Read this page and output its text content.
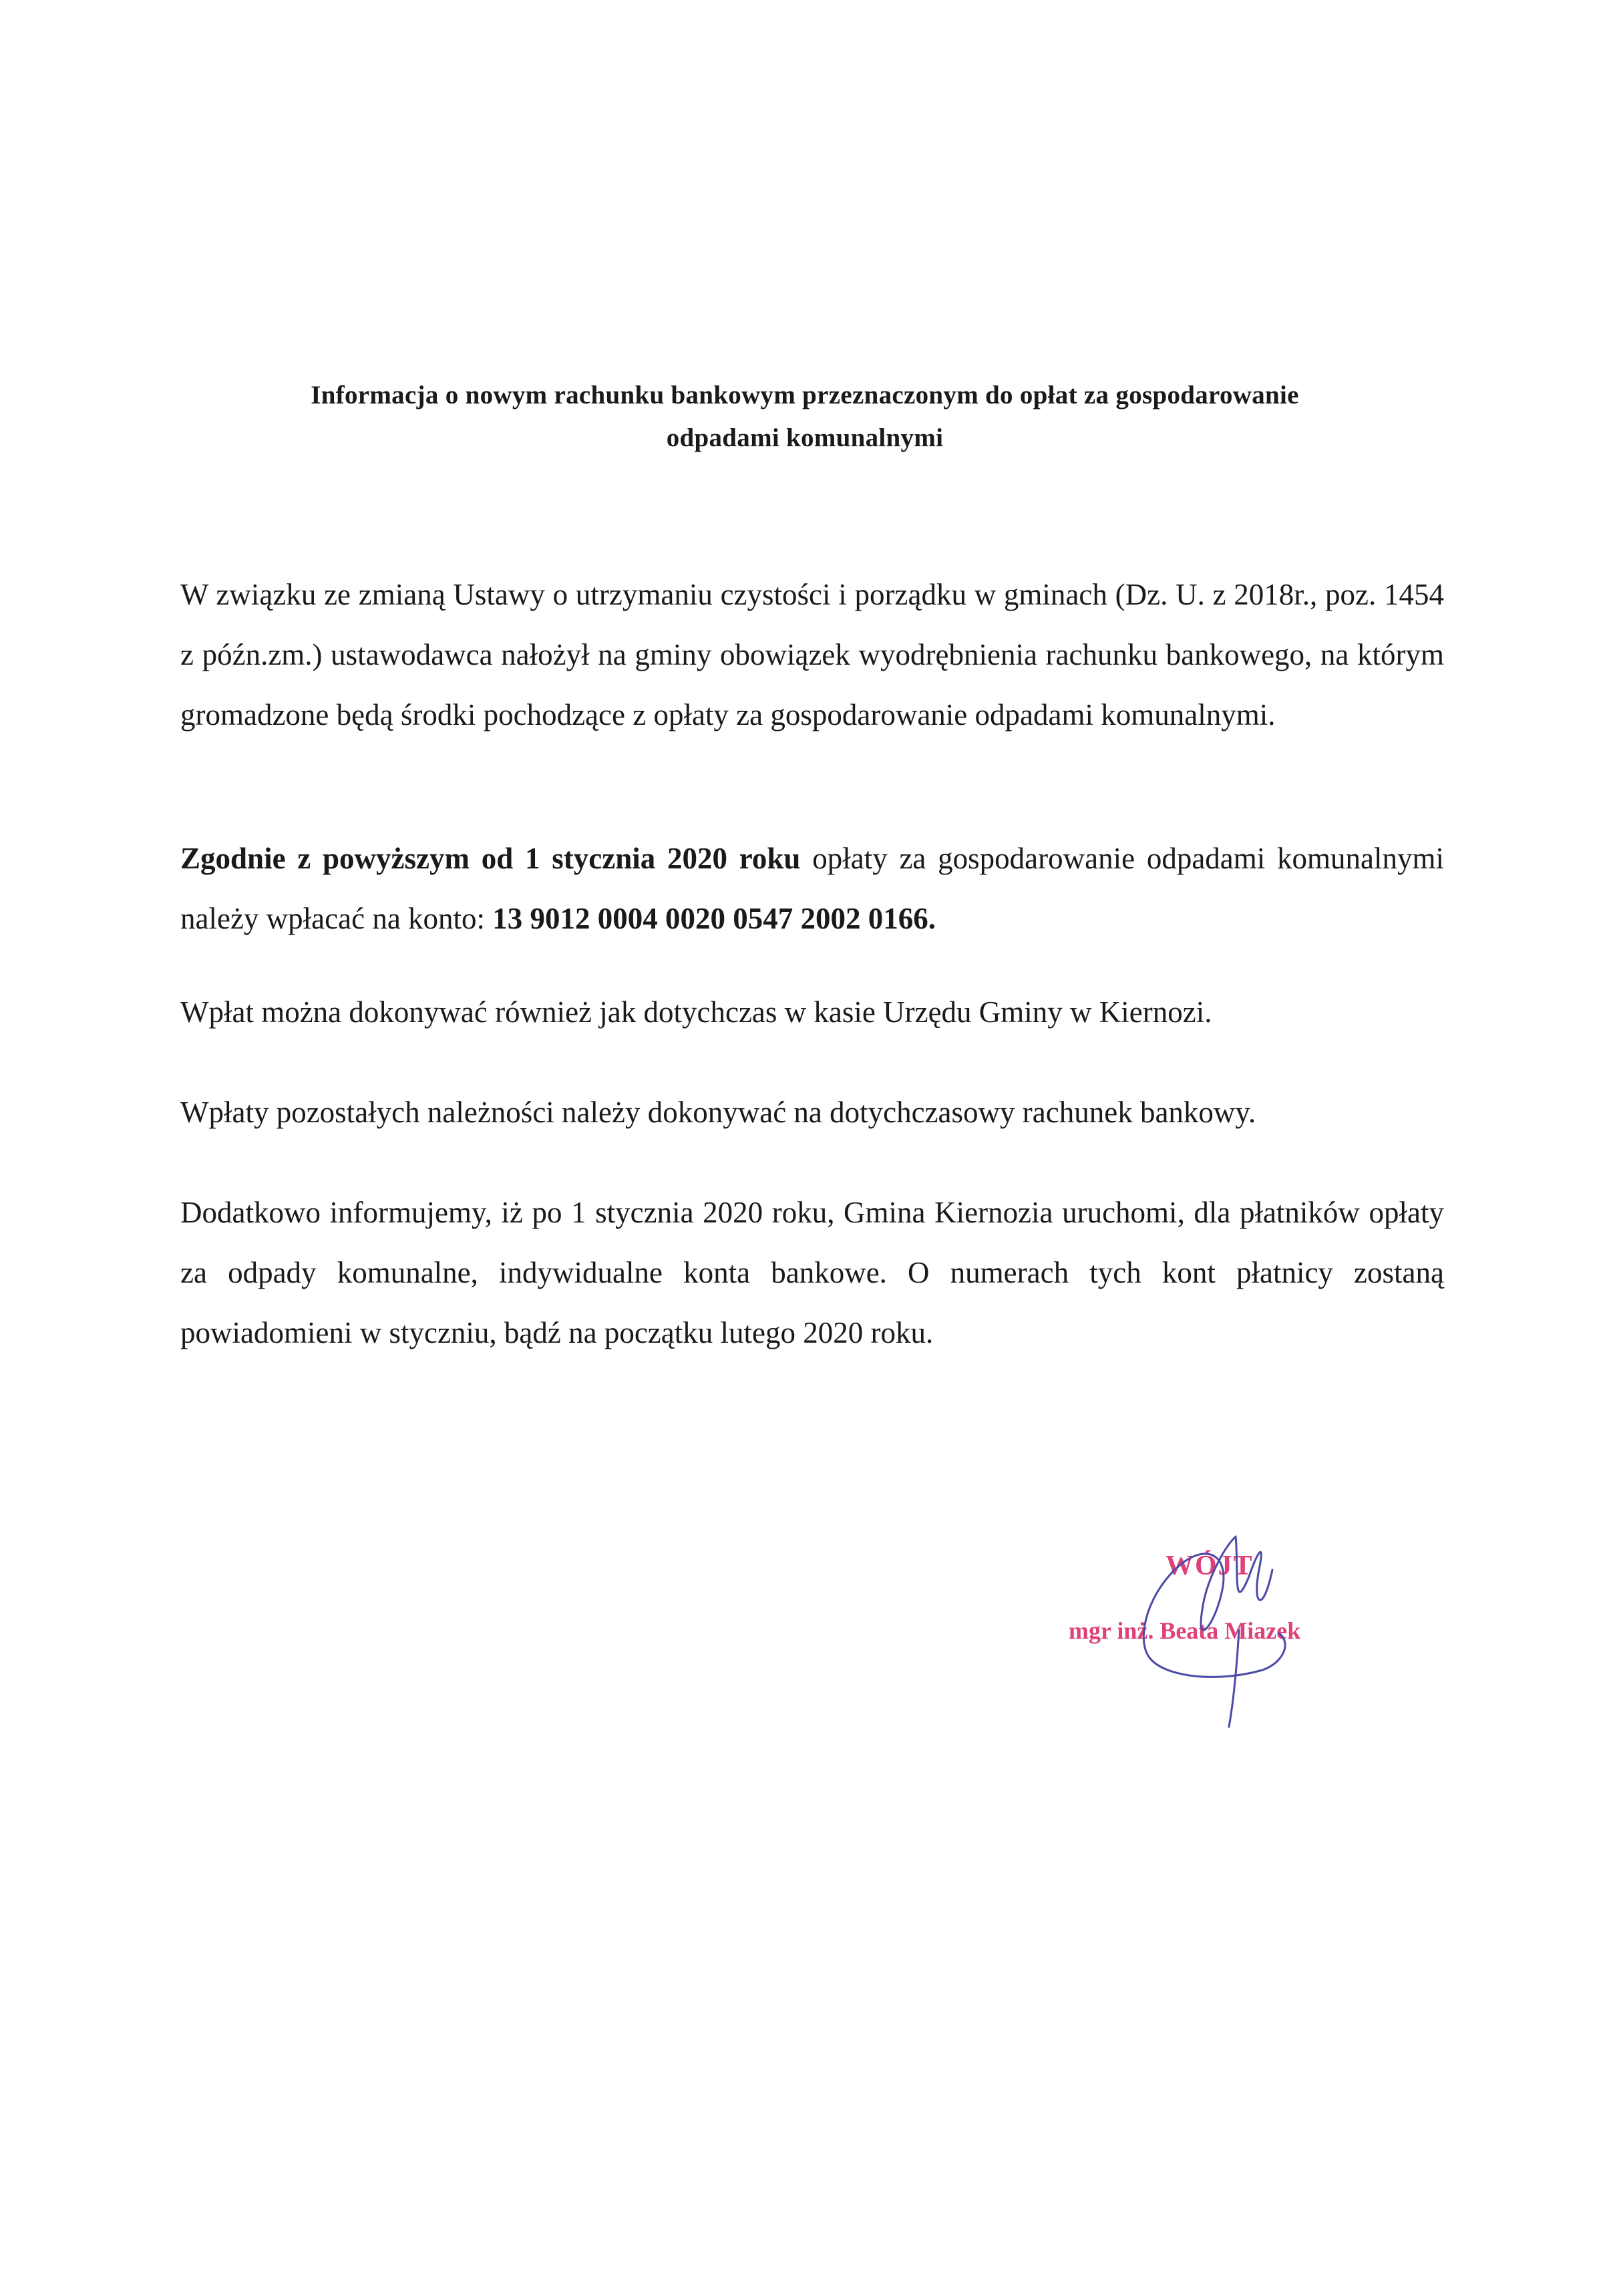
Informacja o nowym rachunku bankowym przeznaczonym do opłat za gospodarowanie
odpadami komunalnymi
W związku ze zmianą Ustawy o utrzymaniu czystości i porządku w gminach (Dz. U. z 2018r., poz. 1454 z późn.zm.) ustawodawca nałożył na gminy obowiązek wyodrębnienia rachunku bankowego, na którym gromadzone będą środki pochodzące z opłaty za gospodarowanie odpadami komunalnymi.
Zgodnie z powyższym od 1 stycznia 2020 roku opłaty za gospodarowanie odpadami komunalnymi należy wpłacać na konto: 13 9012 0004 0020 0547 2002 0166.
Wpłat można dokonywać również jak dotychczas w kasie Urzędu Gminy w Kiernozi.
Wpłaty pozostałych należności należy dokonywać na dotychczasowy rachunek bankowy.
Dodatkowo informujemy, iż po 1 stycznia 2020 roku, Gmina Kiernozia uruchomi, dla płatników opłaty za odpady komunalne, indywidualne konta bankowe. O numerach tych kont płatnicy zostaną powiadomieni w styczniu, bądź na początku lutego 2020 roku.
WÓJT
mgr inż. Beata Miazek
